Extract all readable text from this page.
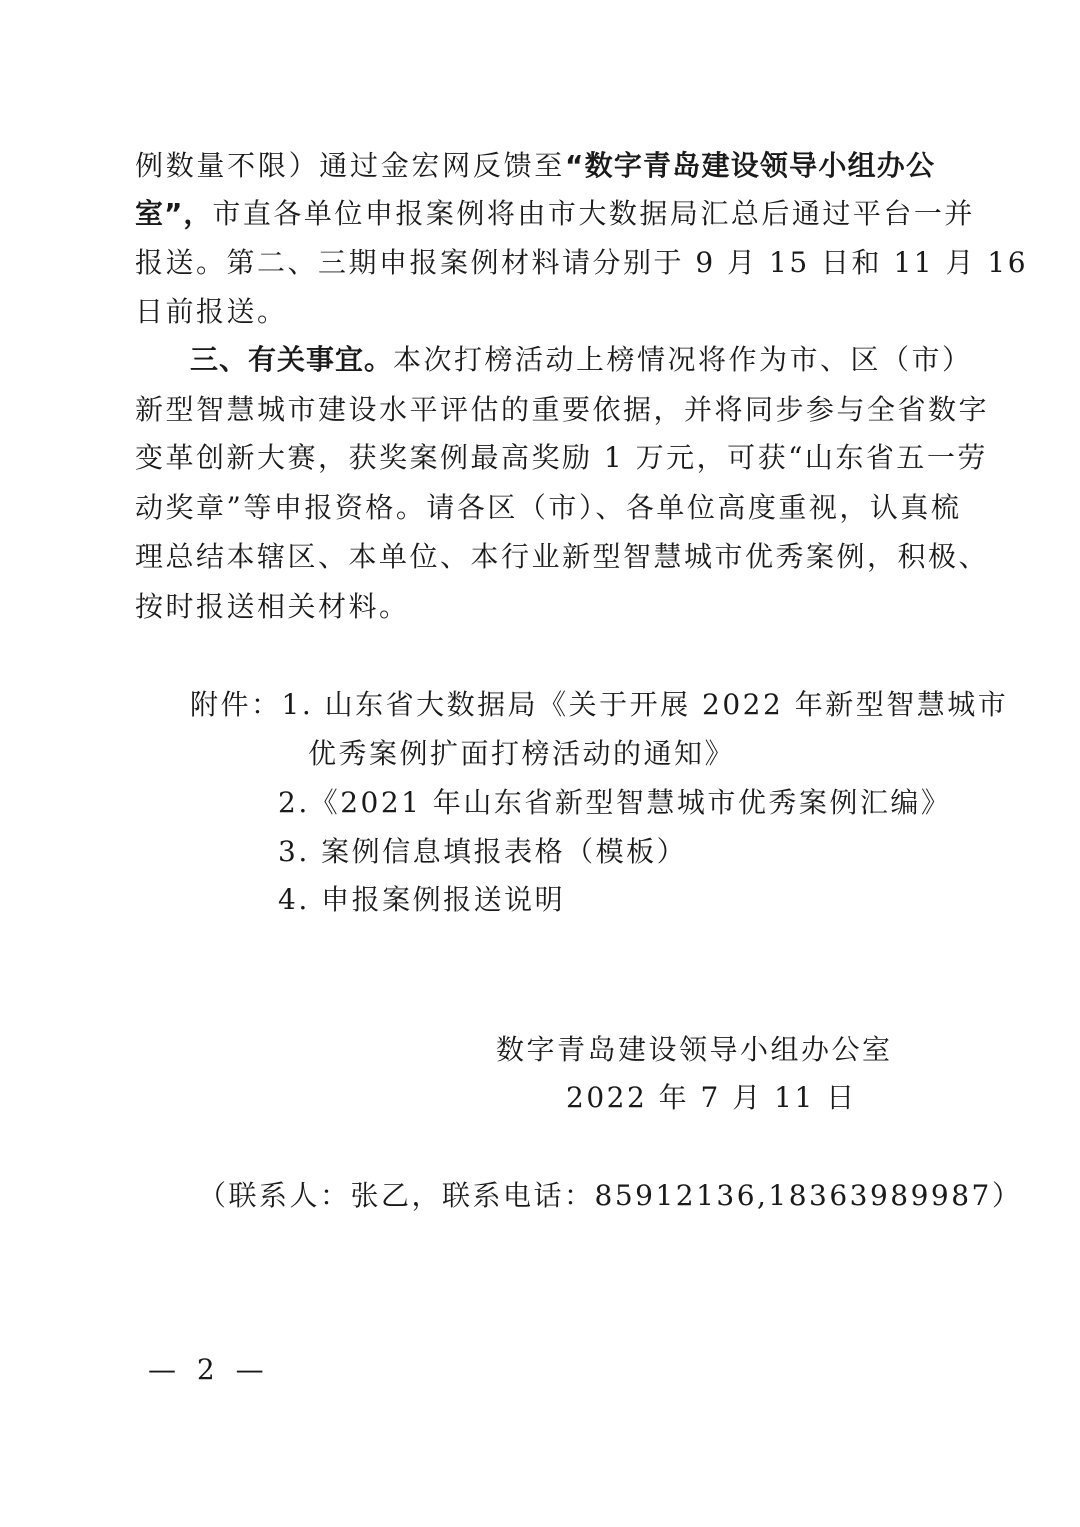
例数量不限）通过金宏网反馈至“数字青岛建设领导小组办公
室”，市直各单位申报案例将由市大数据局汇总后通过平台一并
报送。第二、三期申报案例材料请分别于 9 月 15 日和 11 月 16
日前报送。
三、有关事宜。本次打榜活动上榜情况将作为市、区（市）
新型智慧城市建设水平评估的重要依据，并将同步参与全省数字
变革创新大赛，获奖案例最高奖励 1 万元，可获“山东省五一劳
动奖章”等申报资格。请各区（市）、各单位高度重视，认真梳
理总结本辖区、本单位、本行业新型智慧城市优秀案例，积极、
按时报送相关材料。
附件：1. 山东省大数据局《关于开展 2022 年新型智慧城市
优秀案例扩面打榜活动的通知》
2.《2021 年山东省新型智慧城市优秀案例汇编》
3. 案例信息填报表格（模板）
4. 申报案例报送说明
数字青岛建设领导小组办公室
2022 年 7 月 11 日
（联系人：张乙，联系电话：85912136,18363989987）
— 2 —
